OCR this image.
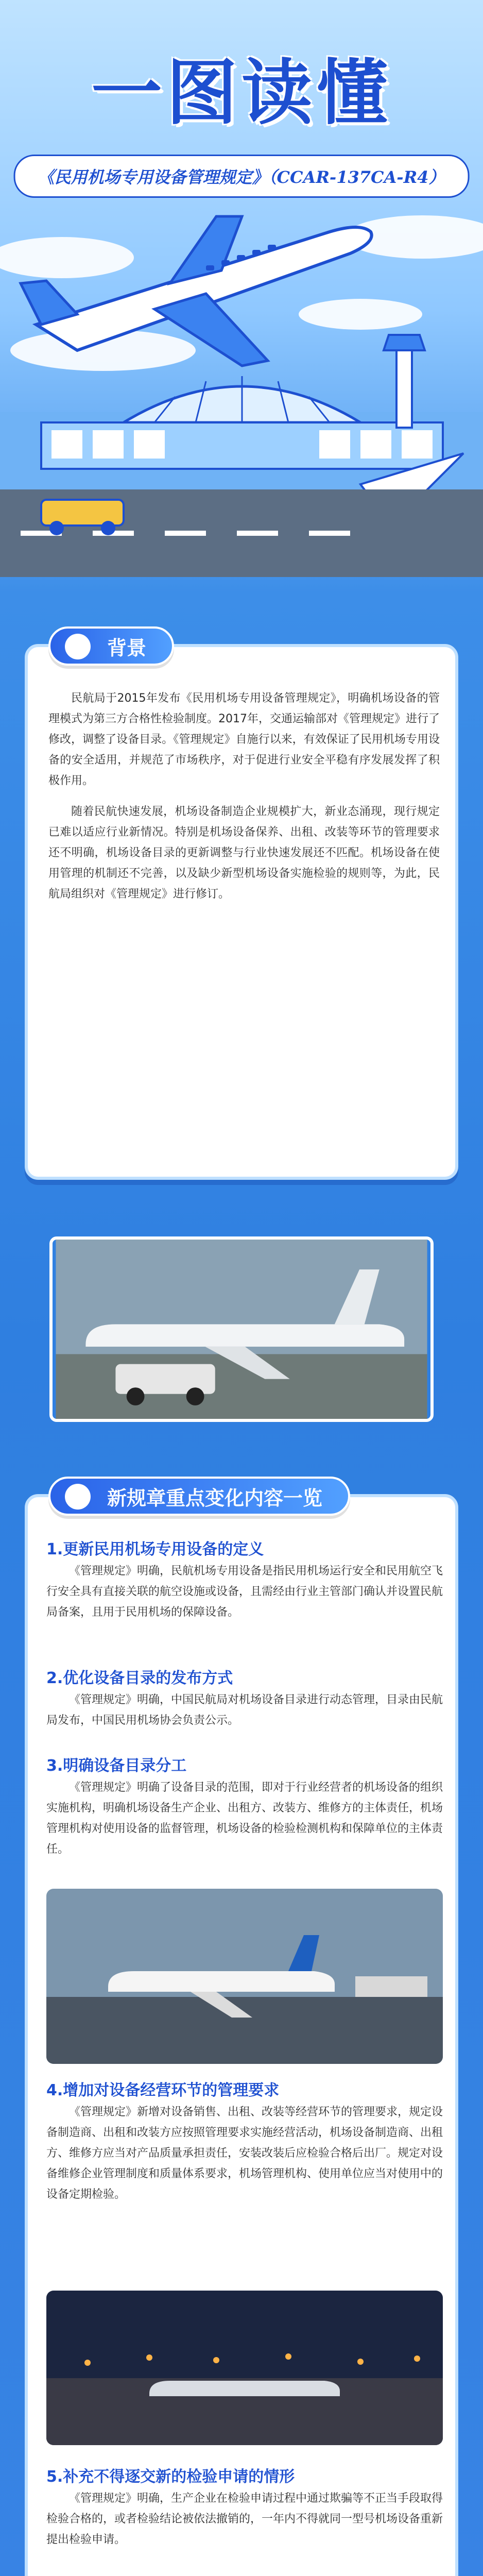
一图读懂
《民用机场专用设备管理规定》（CCAR-137CA-R4）
背景

民航局于2015年发布《民用机场专用设备管理规定》，明确机场设备的管理模式为第三方合格性检验制度。2017年，交通运输部对《管理规定》进行了修改，调整了设备目录。《管理规定》自施行以来，有效保证了民用机场专用设备的安全适用，并规范了市场秩序，对于促进行业安全平稳有序发展发挥了积极作用。

随着民航快速发展，机场设备制造企业规模扩大，新业态涌现，现行规定已难以适应行业新情况。特别是机场设备保养、出租、改装等环节的管理要求还不明确，机场设备目录的更新调整与行业快速发展还不匹配。机场设备在使用管理的机制还不完善，以及缺少新型机场设备实施检验的规则等，为此，民航局组织对《管理规定》进行修订。

新规章重点变化内容一览
1.更新民用机场专用设备的定义

《管理规定》明确，民航机场专用设备是指民用机场运行安全和民用航空飞行安全具有直接关联的航空设施或设备，且需经由行业主管部门确认并设置民航局备案，且用于民用机场的保障设备。

2.优化设备目录的发布方式

《管理规定》明确，中国民航局对机场设备目录进行动态管理，目录由民航局发布，中国民用机场协会负责公示。

3.明确设备目录分工

《管理规定》明确了设备目录的范围，即对于行业经营者的机场设备的组织实施机构，明确机场设备生产企业、出租方、改装方、维修方的主体责任，机场管理机构对使用设备的监督管理，机场设备的检验检测机构和保障单位的主体责任。

4.增加对设备经营环节的管理要求

《管理规定》新增对设备销售、出租、改装等经营环节的管理要求，规定设备制造商、出租和改装方应按照管理要求实施经营活动，机场设备制造商、出租方、维修方应当对产品质量承担责任，安装改装后应检验合格后出厂。规定对设备维修企业管理制度和质量体系要求，机场管理机构、使用单位应当对使用中的设备定期检验。

5.补充不得逐交新的检验申请的情形

《管理规定》明确，生产企业在检验申请过程中通过欺骗等不正当手段取得检验合格的，或者检验结论被依法撤销的，一年内不得就同一型号机场设备重新提出检验申请。
